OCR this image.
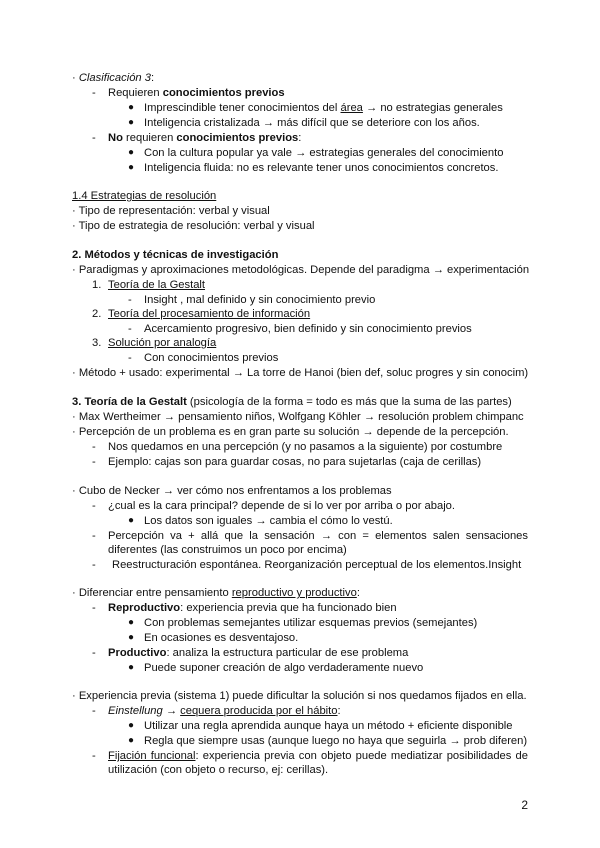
· Clasificación 3:
- Requieren conocimientos previos
● Imprescindible tener conocimientos del área → no estrategias generales
● Inteligencia cristalizada → más difícil que se deteriore con los años.
- No requieren conocimientos previos:
● Con la cultura popular ya vale → estrategias generales del conocimiento
● Inteligencia fluida: no es relevante tener unos conocimientos concretos.
1.4 Estrategias de resolución
· Tipo de representación: verbal y visual
· Tipo de estrategia de resolución: verbal y visual
2. Métodos y técnicas de investigación
· Paradigmas y aproximaciones metodológicas. Depende del paradigma → experimentación
1. Teoría de la Gestalt
- Insight , mal definido y sin conocimiento previo
2. Teoría del procesamiento de información
- Acercamiento progresivo, bien definido y sin conocimiento previos
3. Solución por analogía
- Con conocimientos previos
· Método + usado: experimental → La torre de Hanoi (bien def, soluc progres y sin conocim)
3. Teoría de la Gestalt (psicología de la forma = todo es más que la suma de las partes)
· Max Wertheimer → pensamiento niños, Wolfgang Köhler → resolución problem chimpanc
· Percepción de un problema es en gran parte su solución → depende de la percepción.
- Nos quedamos en una percepción (y no pasamos a la siguiente) por costumbre
- Ejemplo: cajas son para guardar cosas, no para sujetarlas (caja de cerillas)
· Cubo de Necker → ver cómo nos enfrentamos a los problemas
- ¿cual es la cara principal? depende de si lo ver por arriba o por abajo.
● Los datos son iguales → cambia el cómo lo vestú.
- Percepción va + allá que la sensación → con = elementos salen sensaciones diferentes (las construimos un poco por encima)
- Reestructuración espontánea. Reorganización perceptual de los elementos.Insight
· Diferenciar entre pensamiento reproductivo y productivo:
- Reproductivo: experiencia previa que ha funcionado bien
● Con problemas semejantes utilizar esquemas previos (semejantes)
● En ocasiones es desventajoso.
- Productivo: analiza la estructura particular de ese problema
● Puede suponer creación de algo verdaderamente nuevo
· Experiencia previa (sistema 1) puede dificultar la solución si nos quedamos fijados en ella.
- Einstellung → cequera producida por el hábito:
● Utilizar una regla aprendida aunque haya un método + eficiente disponible
● Regla que siempre usas (aunque luego no haya que seguirla → prob diferen)
- Fijación funcional: experiencia previa con objeto puede mediatizar posibilidades de utilización (con objeto o recurso, ej: cerillas).
2
